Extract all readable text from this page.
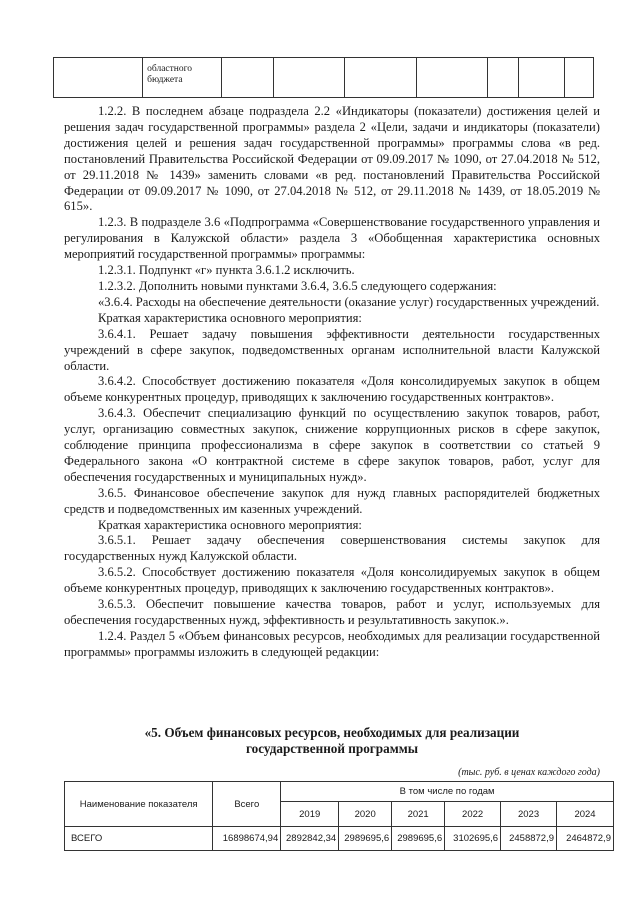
	областного бюджета							

1.2.2. В последнем абзаце подраздела 2.2 «Индикаторы (показатели) достижения целей и решения задач государственной программы» раздела 2 «Цели, задачи и индикаторы (показатели) достижения целей и решения задач государственной программы» программы слова «в ред. постановлений Правительства Российской Федерации от 09.09.2017 № 1090, от 27.04.2018 № 512, от 29.11.2018 № 1439» заменить словами «в ред. постановлений Правительства Российской Федерации от 09.09.2017 № 1090, от 27.04.2018 № 512, от 29.11.2018 № 1439, от 18.05.2019 № 615».

1.2.3. В подразделе 3.6 «Подпрограмма «Совершенствование государственного управления и регулирования в Калужской области» раздела 3 «Обобщенная характеристика основных мероприятий государственной программы» программы:

1.2.3.1. Подпункт «г» пункта 3.6.1.2 исключить.

1.2.3.2. Дополнить новыми пунктами 3.6.4, 3.6.5 следующего содержания:

«3.6.4. Расходы на обеспечение деятельности (оказание услуг) государственных учреждений.

Краткая характеристика основного мероприятия:

3.6.4.1. Решает задачу повышения эффективности деятельности государственных учреждений в сфере закупок, подведомственных органам исполнительной власти Калужской области.

3.6.4.2. Способствует достижению показателя «Доля консолидируемых закупок в общем объеме конкурентных процедур, приводящих к заключению государственных контрактов».

3.6.4.3. Обеспечит специализацию функций по осуществлению закупок товаров, работ, услуг, организацию совместных закупок, снижение коррупционных рисков в сфере закупок, соблюдение принципа профессионализма в сфере закупок в соответствии со статьей 9 Федерального закона «О контрактной системе в сфере закупок товаров, работ, услуг для обеспечения государственных и муниципальных нужд».

3.6.5. Финансовое обеспечение закупок для нужд главных распорядителей бюджетных средств и подведомственных им казенных учреждений.

Краткая характеристика основного мероприятия:

3.6.5.1. Решает задачу обеспечения совершенствования системы закупок для государственных нужд Калужской области.

3.6.5.2. Способствует достижению показателя «Доля консолидируемых закупок в общем объеме конкурентных процедур, приводящих к заключению государственных контрактов».

3.6.5.3. Обеспечит повышение качества товаров, работ и услуг, используемых для обеспечения государственных нужд, эффективность и результативность закупок.».

1.2.4. Раздел 5 «Объем финансовых ресурсов, необходимых для реализации государственной программы» программы изложить в следующей редакции:

«5. Объем финансовых ресурсов, необходимых для реализации
государственной программы
(тыс. руб. в ценах каждого года)
Наименование показателя	Всего	В том числе по годам					
		2019	2020	2021	2022	2023	2024
ВСЕГО	16898674,94	2892842,34	2989695,6	2989695,6	3102695,6	2458872,9	2464872,9
